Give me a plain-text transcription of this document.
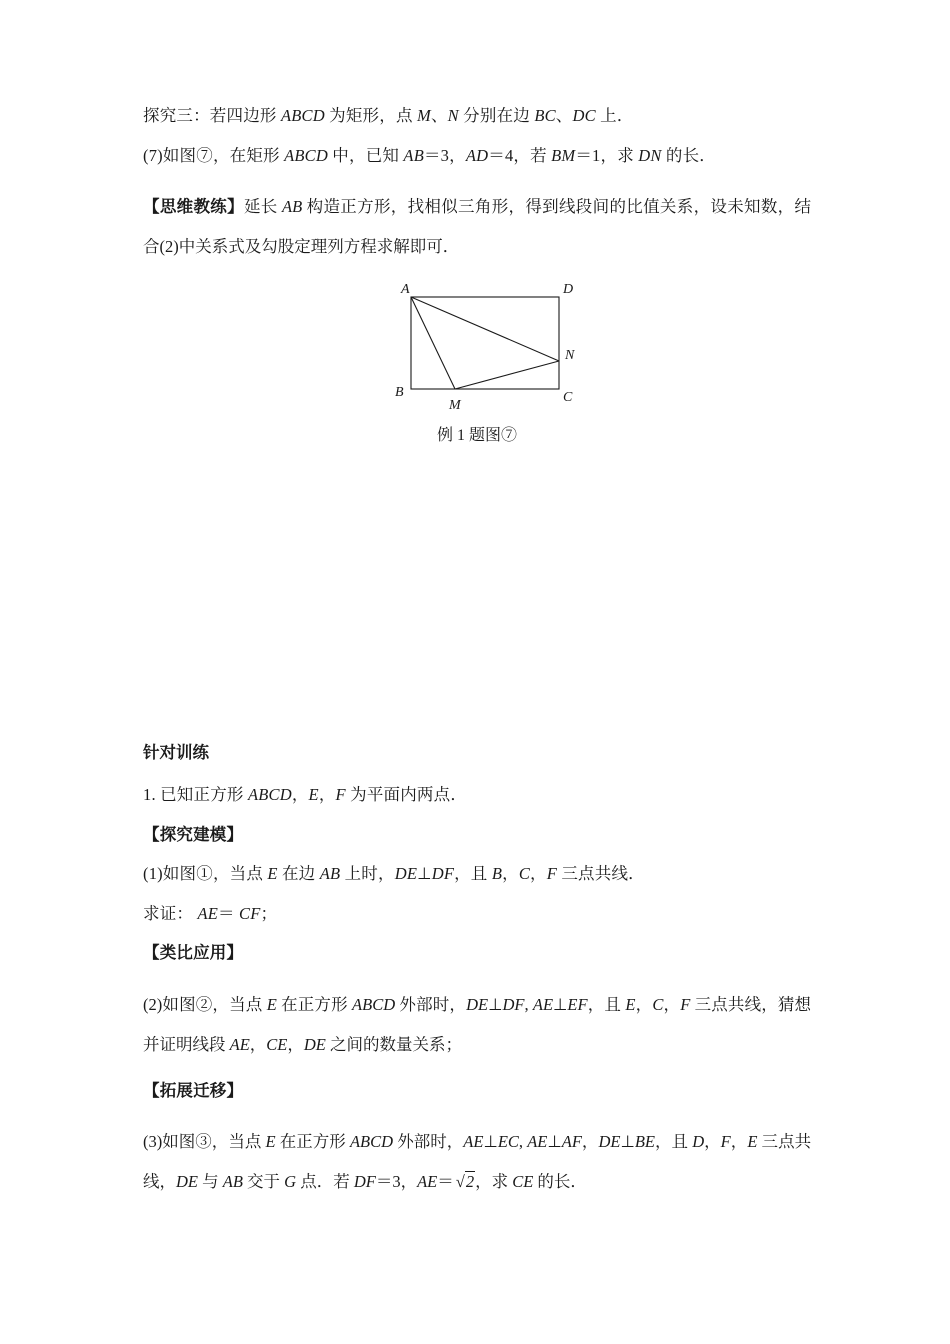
探究三：若四边形 ABCD 为矩形，点 M、N 分别在边 BC、DC 上．
(7)如图⑦，在矩形 ABCD 中，已知 AB＝3，AD＝4，若 BM＝1，求 DN 的长．
【思维教练】延长 AB 构造正方形，找相似三角形，得到线段间的比值关系，设未知数，结合(2)中关系式及勾股定理列方程求解即可．
A	D
N
B
M
C
例 1 题图⑦
针对训练
1. 已知正方形 ABCD，E，F 为平面内两点．
【探究建模】
(1)如图①，当点 E 在边 AB 上时，DE⊥DF，且 B，C，F 三点共线．
求证： AE＝ CF；
【类比应用】
(2)如图②，当点 E 在正方形 ABCD 外部时，DE⊥DF, AE⊥EF，且 E，C，F 三点共线，猜想并证明线段 AE，CE，DE 之间的数量关系；
【拓展迁移】
(3)如图③，当点 E 在正方形 ABCD 外部时，AE⊥EC, AE⊥AF，DE⊥BE，且 D，F，E 三点共线，DE 与 AB 交于 G 点．若 DF＝3，AE＝ √2，求 CE 的长．
